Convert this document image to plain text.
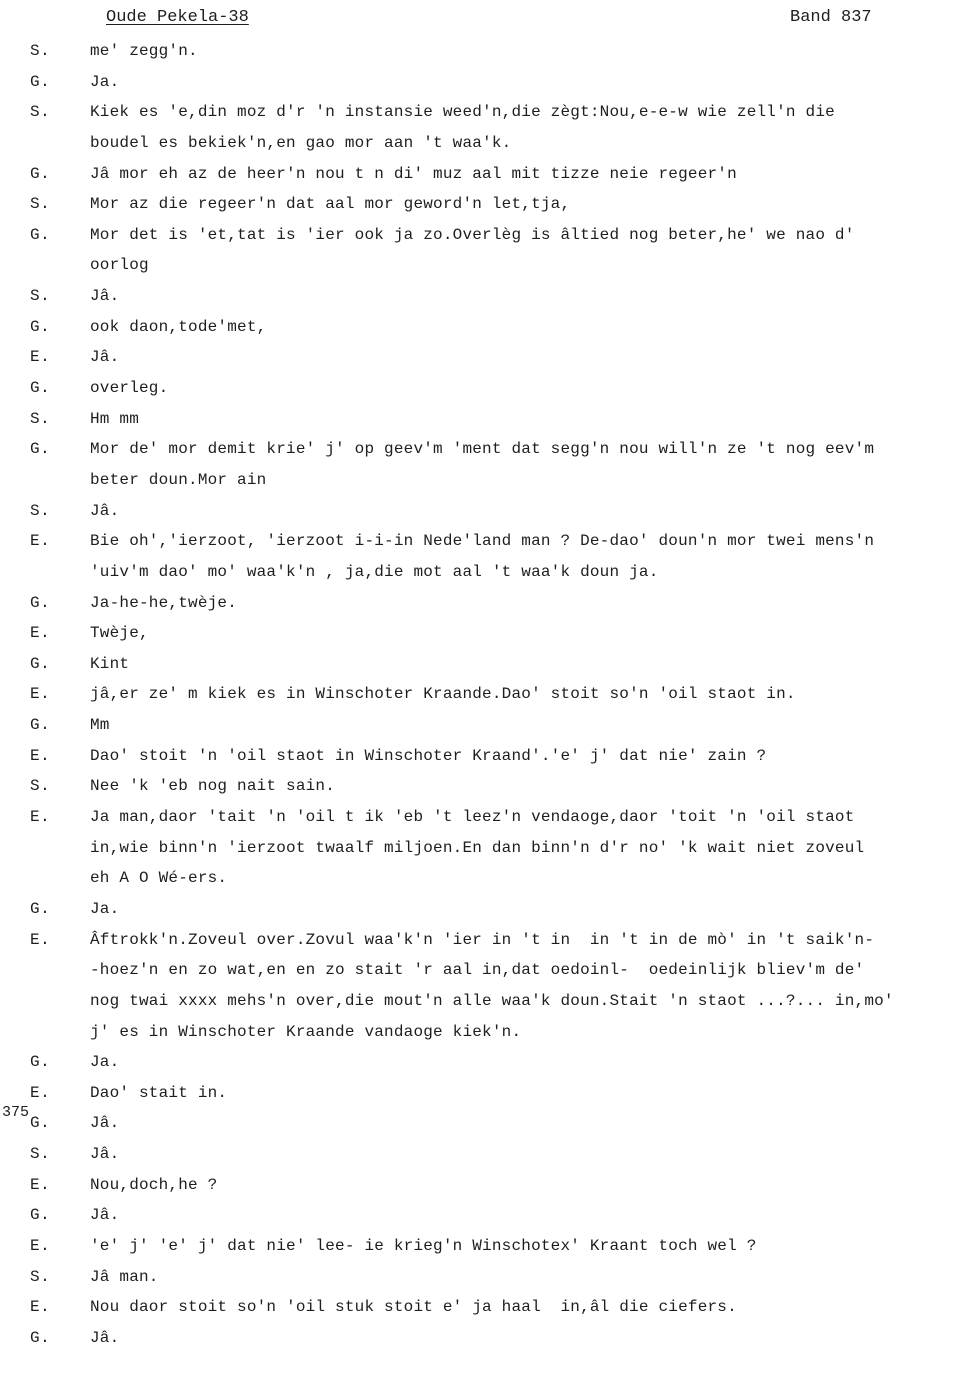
Oude Pekela-38	Band 837
375
S. me' zegg'n.
G. Ja.
S. Kiek es 'e,din moz d'r 'n instansie weed'n,die zègt:Nou,e-e-w wie zell'n die
boudel es bekiek'n,en gao mor aan 't waa'k.
G. Jâ mor eh az de heer'n nou t n di' muz aal mit tizze neie regeer'n
S. Mor az die regeer'n dat aal mor geword'n let,tja,
G. Mor det is 'et,tat is 'ier ook ja zo.Overlèg is âltied nog beter,he' we nao d'
oorlog
S. Jâ.
G. ook daon,tode'met,
E. Jâ.
G. overleg.
S. Hm mm
G. Mor de' mor demit krie' j' op geev'm 'ment dat segg'n nou will'n ze 't nog eev'm
beter doun.Mor ain
S. Jâ.
E. Bie oh','ierzoot, 'ierzoot i-i-in Nede'land man ? De-dao' doun'n mor twei mens'n
'uiv'm dao' mo' waa'k'n , ja,die mot aal 't waa'k doun ja.
G. Ja-he-he,twèje.
E. Twèje,
G. Kint
E. jâ,er ze' m kiek es in Winschoter Kraande.Dao' stoit so'n 'oil staot in.
G. Mm
E. Dao' stoit 'n 'oil staot in Winschoter Kraand'.'e' j' dat nie' zain ?
S. Nee 'k 'eb nog nait sain.
E. Ja man,daor 'tait 'n 'oil t ik 'eb 't leez'n vendaoge,daor 'toit 'n 'oil staot
in,wie binn'n 'ierzoot twaalf miljoen.En dan binn'n d'r no' 'k wait niet zoveul
eh A O Wé-ers.
G. Ja.
E. Âftrokk'n.Zoveul over.Zovul waa'k'n 'ier in 't in  in 't in de mò' in 't saik'n-
-hoez'n en zo wat,en en zo stait 'r aal in,dat oedoinl-  oedeinlijk bliev'm de'
nog twai xxxx mehs'n over,die mout'n alle waa'k doun.Stait 'n staot ...?... in,mo'
j' es in Winschoter Kraande vandaoge kiek'n.
G. Ja.
E. Dao' stait in.
G. Jâ.
S. Jâ.
E. Nou,doch,he ?
G. Jâ.
E. 'e' j' 'e' j' dat nie' lee- ie krieg'n Winschotex' Kraant toch wel ?
S. Jâ man.
E. Nou daor stoit so'n 'oil stuk stoit e' ja haal  in,âl die ciefers.
G. Jâ.
